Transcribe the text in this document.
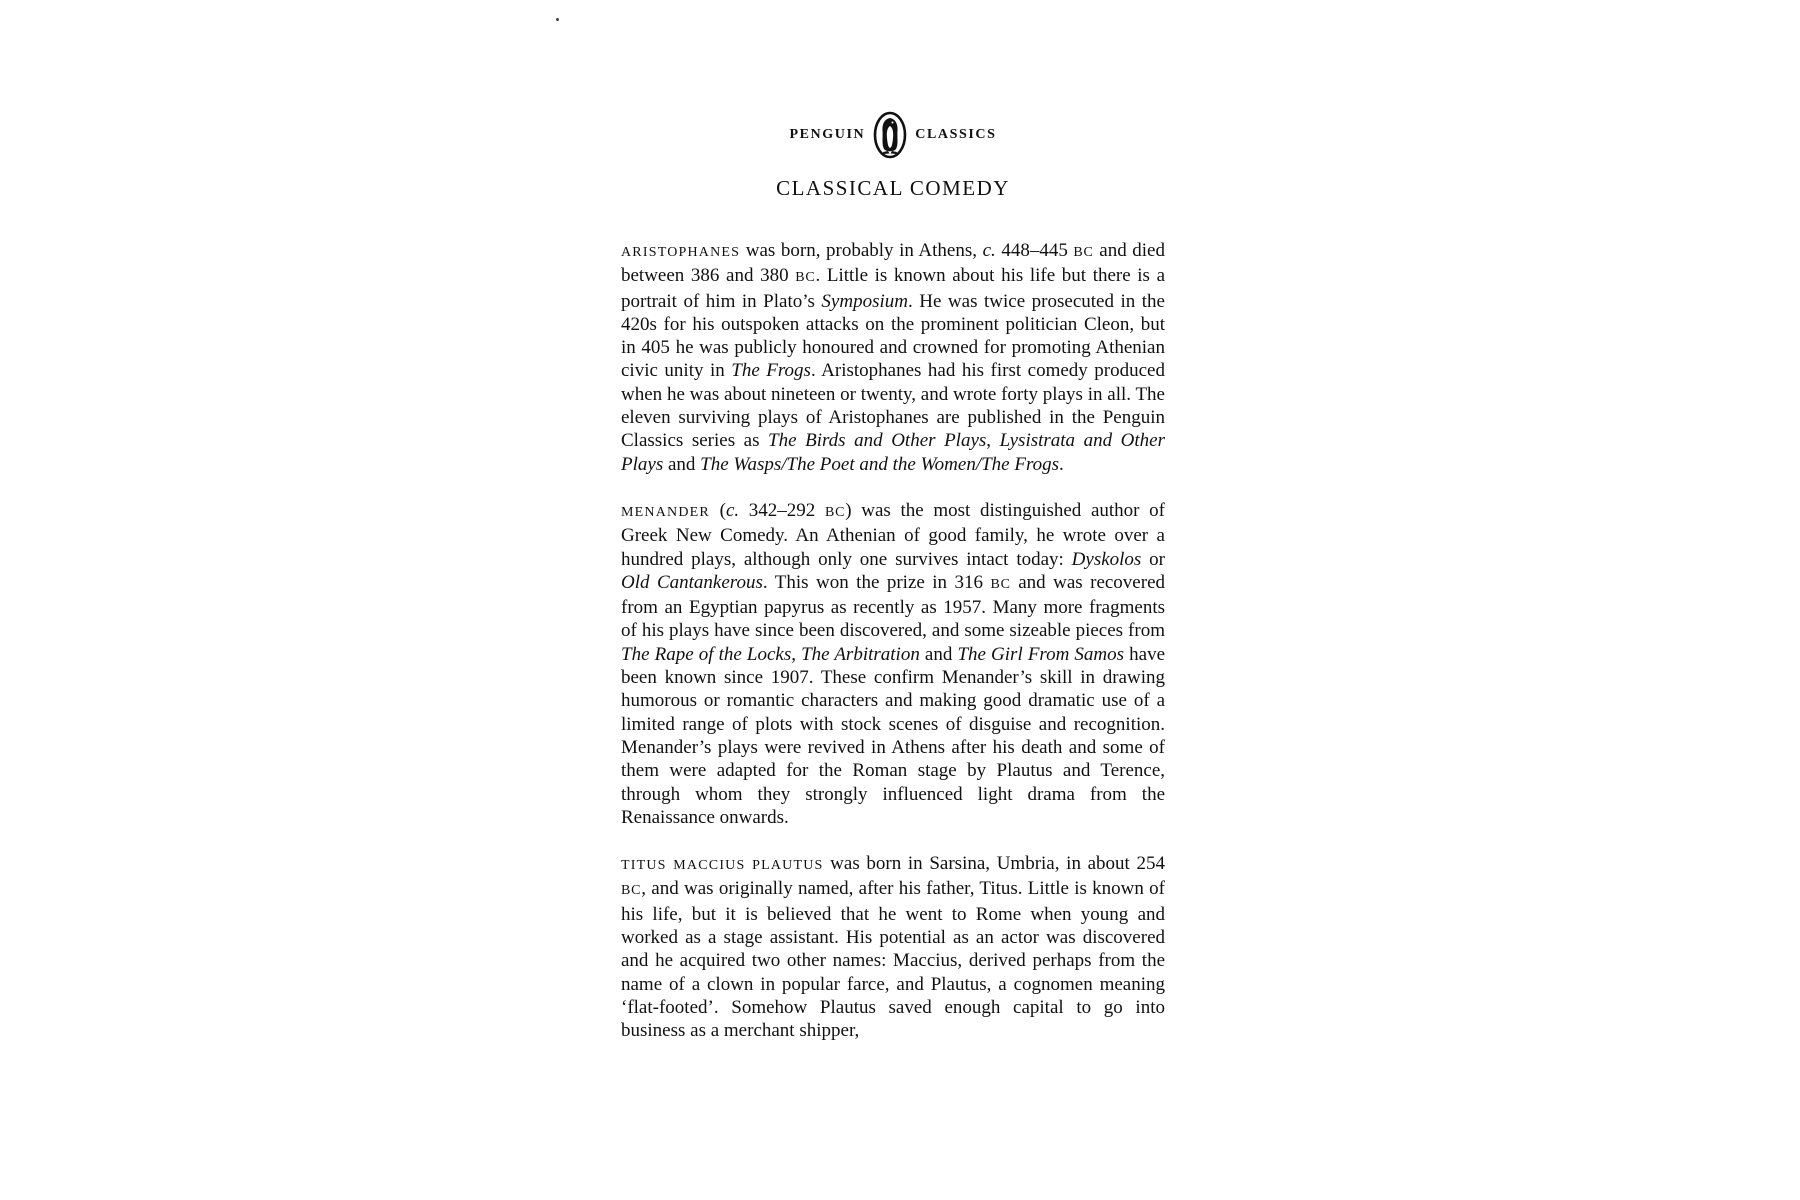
PENGUIN	CLASSICS
CLASSICAL COMEDY

ARISTOPHANES was born, probably in Athens, c. 448–445 BC and died between 386 and 380 BC. Little is known about his life but there is a portrait of him in Plato’s Symposium. He was twice prosecuted in the 420s for his outspoken attacks on the prominent politician Cleon, but in 405 he was publicly honoured and crowned for promoting Athenian civic unity in The Frogs. Aristophanes had his first comedy produced when he was about nineteen or twenty, and wrote forty plays in all. The eleven surviving plays of Aristophanes are published in the Penguin Classics series as The Birds and Other Plays, Lysistrata and Other Plays and The Wasps/The Poet and the Women/The Frogs.

MENANDER (c. 342–292 BC) was the most distinguished author of Greek New Comedy. An Athenian of good family, he wrote over a hundred plays, although only one survives intact today: Dyskolos or Old Cantankerous. This won the prize in 316 BC and was recovered from an Egyptian papyrus as recently as 1957. Many more fragments of his plays have since been discovered, and some sizeable pieces from The Rape of the Locks, The Arbitration and The Girl From Samos have been known since 1907. These confirm Menander’s skill in drawing humorous or romantic characters and making good dramatic use of a limited range of plots with stock scenes of disguise and recognition. Menander’s plays were revived in Athens after his death and some of them were adapted for the Roman stage by Plautus and Terence, through whom they strongly influenced light drama from the Renaissance onwards.

TITUS MACCIUS PLAUTUS was born in Sarsina, Umbria, in about 254 BC, and was originally named, after his father, Titus. Little is known of his life, but it is believed that he went to Rome when young and worked as a stage assistant. His potential as an actor was discovered and he acquired two other names: Maccius, derived perhaps from the name of a clown in popular farce, and Plautus, a cognomen meaning ‘flat-footed’. Somehow Plautus saved enough capital to go into business as a merchant shipper,
